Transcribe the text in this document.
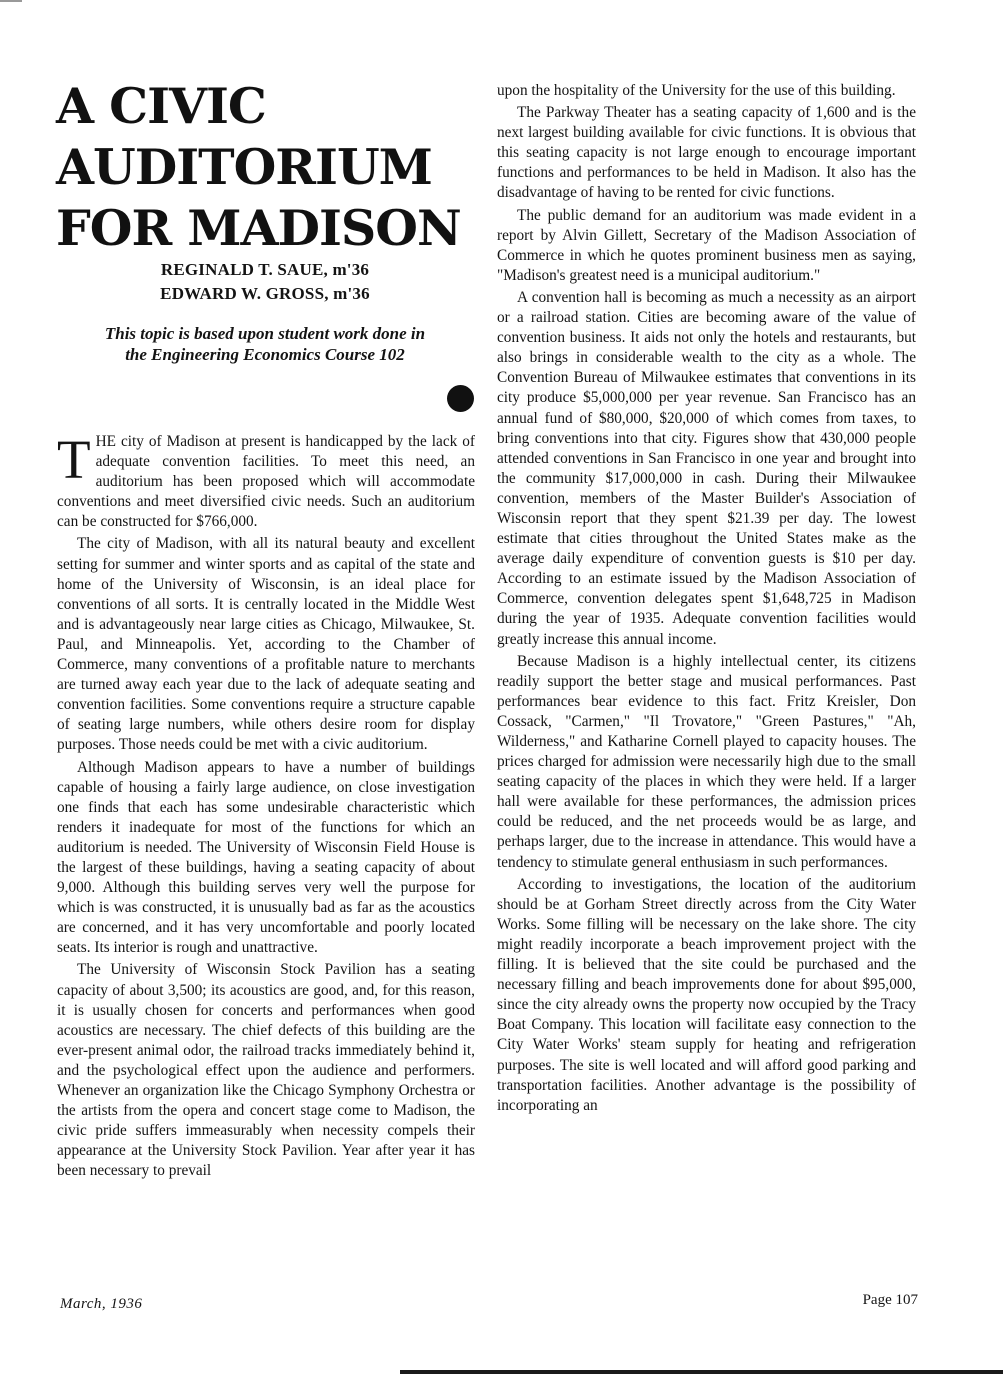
A CIVIC
AUDITORIUM
FOR MADISON
REGINALD T. SAUE, m'36
EDWARD W. GROSS, m'36
This topic is based upon student work done in
the Engineering Economics Course 102

THE city of Madison at present is handicapped by the lack of adequate convention facilities. To meet this need, an auditorium has been proposed which will accommodate conventions and meet diversified civic needs. Such an auditorium can be constructed for $766,000.

The city of Madison, with all its natural beauty and excellent setting for summer and winter sports and as capital of the state and home of the University of Wisconsin, is an ideal place for conventions of all sorts. It is centrally located in the Middle West and is advantageously near large cities as Chicago, Milwaukee, St. Paul, and Minneapolis. Yet, according to the Chamber of Commerce, many conventions of a profitable nature to merchants are turned away each year due to the lack of adequate seating and convention facilities. Some conventions require a structure capable of seating large numbers, while others desire room for display purposes. Those needs could be met with a civic auditorium.

Although Madison appears to have a number of buildings capable of housing a fairly large audience, on close investigation one finds that each has some undesirable characteristic which renders it inadequate for most of the functions for which an auditorium is needed. The University of Wisconsin Field House is the largest of these buildings, having a seating capacity of about 9,000. Although this building serves very well the purpose for which is was constructed, it is unusually bad as far as the acoustics are concerned, and it has very uncomfortable and poorly located seats. Its interior is rough and unattractive.

The University of Wisconsin Stock Pavilion has a seating capacity of about 3,500; its acoustics are good, and, for this reason, it is usually chosen for concerts and performances when good acoustics are necessary. The chief defects of this building are the ever-present animal odor, the railroad tracks immediately behind it, and the psychological effect upon the audience and performers. Whenever an organization like the Chicago Symphony Orchestra or the artists from the opera and concert stage come to Madison, the civic pride suffers immeasurably when necessity compels their appearance at the University Stock Pavilion. Year after year it has been necessary to prevail

upon the hospitality of the University for the use of this building.

The Parkway Theater has a seating capacity of 1,600 and is the next largest building available for civic functions. It is obvious that this seating capacity is not large enough to encourage important functions and performances to be held in Madison. It also has the disadvantage of having to be rented for civic functions.

The public demand for an auditorium was made evident in a report by Alvin Gillett, Secretary of the Madison Association of Commerce in which he quotes prominent business men as saying, "Madison's greatest need is a municipal auditorium."

A convention hall is becoming as much a necessity as an airport or a railroad station. Cities are becoming aware of the value of convention business. It aids not only the hotels and restaurants, but also brings in considerable wealth to the city as a whole. The Convention Bureau of Milwaukee estimates that conventions in its city produce $5,000,000 per year revenue. San Francisco has an annual fund of $80,000, $20,000 of which comes from taxes, to bring conventions into that city. Figures show that 430,000 people attended conventions in San Francisco in one year and brought into the community $17,000,000 in cash. During their Milwaukee convention, members of the Master Builder's Association of Wisconsin report that they spent $21.39 per day. The lowest estimate that cities throughout the United States make as the average daily expenditure of convention guests is $10 per day. According to an estimate issued by the Madison Association of Commerce, convention delegates spent $1,648,725 in Madison during the year of 1935. Adequate convention facilities would greatly increase this annual income.

Because Madison is a highly intellectual center, its citizens readily support the better stage and musical performances. Past performances bear evidence to this fact. Fritz Kreisler, Don Cossack, "Carmen," "Il Trovatore," "Green Pastures," "Ah, Wilderness," and Katharine Cornell played to capacity houses. The prices charged for admission were necessarily high due to the small seating capacity of the places in which they were held. If a larger hall were available for these performances, the admission prices could be reduced, and the net proceeds would be as large, and perhaps larger, due to the increase in attendance. This would have a tendency to stimulate general enthusiasm in such performances.

According to investigations, the location of the auditorium should be at Gorham Street directly across from the City Water Works. Some filling will be necessary on the lake shore. The city might readily incorporate a beach improvement project with the filling. It is believed that the site could be purchased and the necessary filling and beach improvements done for about $95,000, since the city already owns the property now occupied by the Tracy Boat Company. This location will facilitate easy connection to the City Water Works' steam supply for heating and refrigeration purposes. The site is well located and will afford good parking and transportation facilities. Another advantage is the possibility of incorporating an

March, 1936	Page 107
